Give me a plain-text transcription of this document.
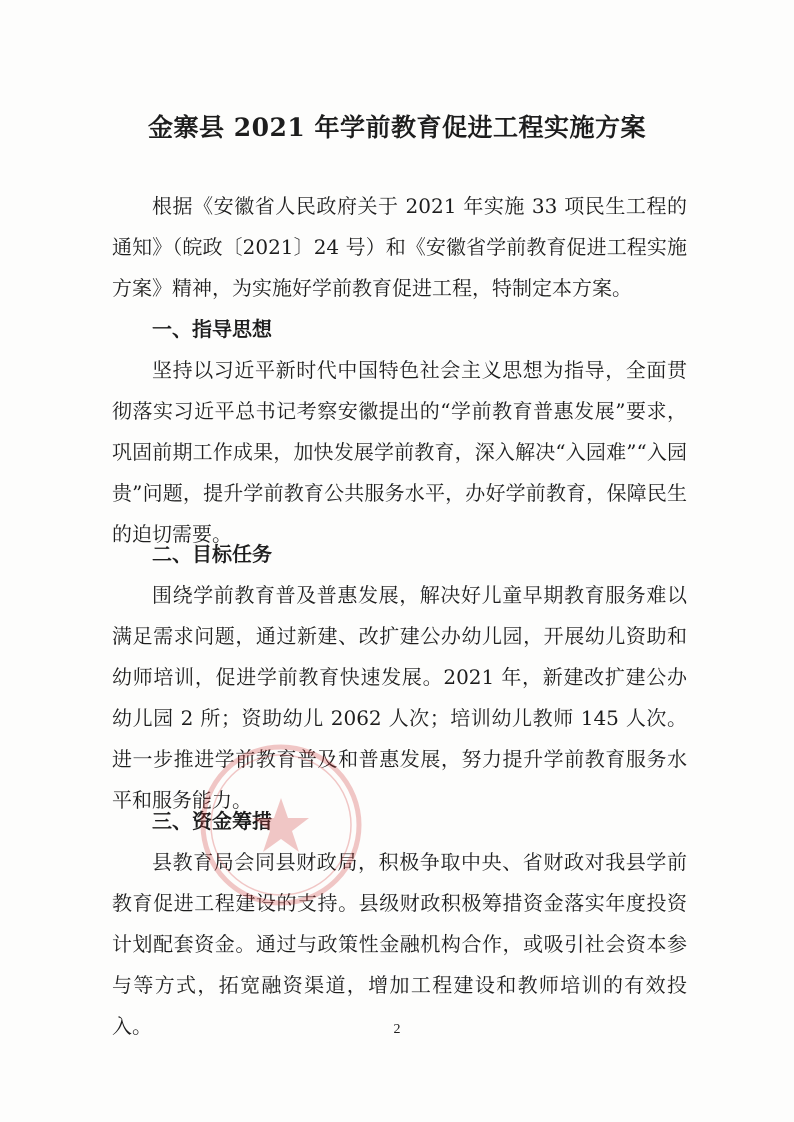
金寨县 2021 年学前教育促进工程实施方案

根据《安徽省人民政府关于 2021 年实施 33 项民生工程的通知》（皖政〔2021〕24 号）和《安徽省学前教育促进工程实施方案》精神，为实施好学前教育促进工程，特制定本方案。

一、指导思想

坚持以习近平新时代中国特色社会主义思想为指导，全面贯彻落实习近平总书记考察安徽提出的“学前教育普惠发展”要求，巩固前期工作成果，加快发展学前教育，深入解决“入园难”“入园贵”问题，提升学前教育公共服务水平，办好学前教育，保障民生的迫切需要。

二、目标任务

围绕学前教育普及普惠发展，解决好儿童早期教育服务难以满足需求问题，通过新建、改扩建公办幼儿园，开展幼儿资助和幼师培训，促进学前教育快速发展。2021 年，新建改扩建公办幼儿园 2 所；资助幼儿 2062 人次；培训幼儿教师 145 人次。进一步推进学前教育普及和普惠发展，努力提升学前教育服务水平和服务能力。

三、资金筹措

县教育局会同县财政局，积极争取中央、省财政对我县学前教育促进工程建设的支持。县级财政积极筹措资金落实年度投资计划配套资金。通过与政策性金融机构合作，或吸引社会资本参与等方式，拓宽融资渠道，增加工程建设和教师培训的有效投入。	2
